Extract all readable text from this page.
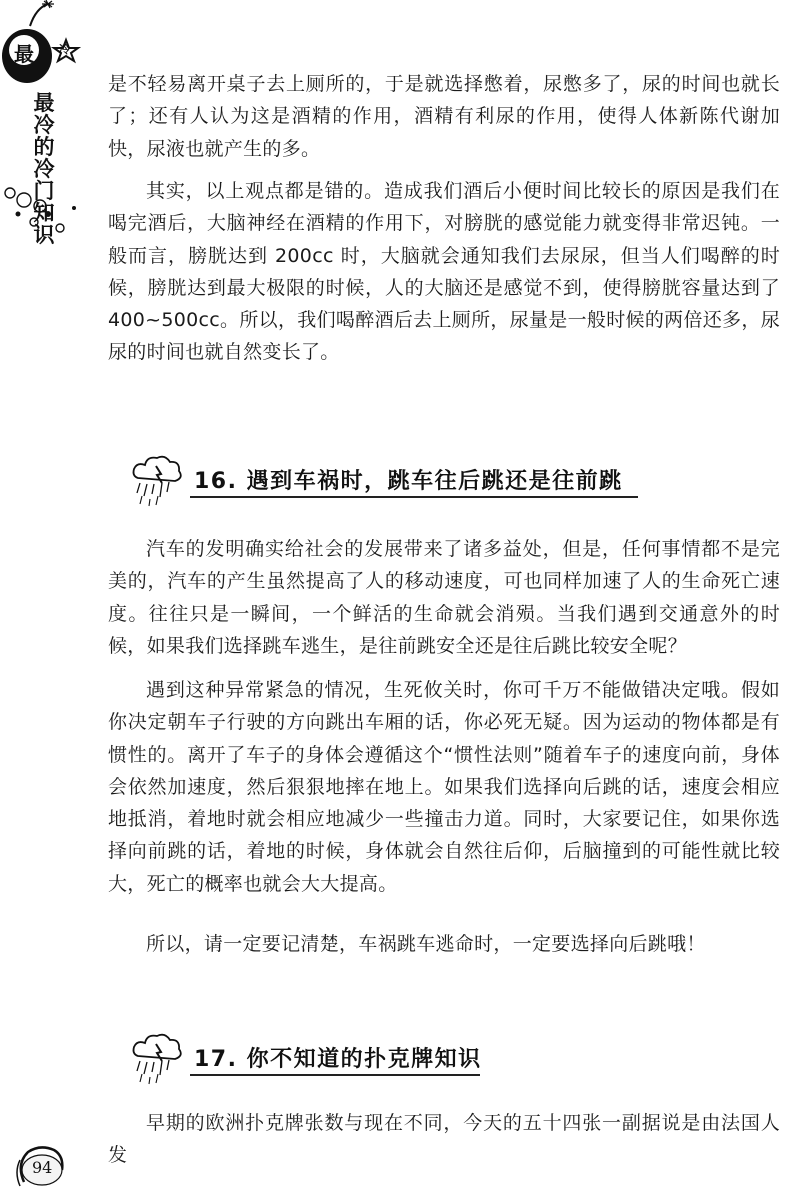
最 冷
最
冷
的
冷
门
知
识

是不轻易离开桌子去上厕所的，于是就选择憋着，尿憋多了，尿的时间也就长了；还有人认为这是酒精的作用，酒精有利尿的作用，使得人体新陈代谢加快，尿液也就产生的多。

其实，以上观点都是错的。造成我们酒后小便时间比较长的原因是我们在喝完酒后，大脑神经在酒精的作用下，对膀胱的感觉能力就变得非常迟钝。一般而言，膀胱达到 200cc 时，大脑就会通知我们去尿尿，但当人们喝醉的时候，膀胱达到最大极限的时候，人的大脑还是感觉不到，使得膀胱容量达到了 400~500cc。所以，我们喝醉酒后去上厕所，尿量是一般时候的两倍还多，尿尿的时间也就自然变长了。

16. 遇到车祸时，跳车往后跳还是往前跳

汽车的发明确实给社会的发展带来了诸多益处，但是，任何事情都不是完美的，汽车的产生虽然提高了人的移动速度，可也同样加速了人的生命死亡速度。往往只是一瞬间，一个鲜活的生命就会消殒。当我们遇到交通意外的时候，如果我们选择跳车逃生，是往前跳安全还是往后跳比较安全呢？

遇到这种异常紧急的情况，生死攸关时，你可千万不能做错决定哦。假如你决定朝车子行驶的方向跳出车厢的话，你必死无疑。因为运动的物体都是有惯性的。离开了车子的身体会遵循这个“惯性法则”随着车子的速度向前，身体会依然加速度，然后狠狠地摔在地上。如果我们选择向后跳的话，速度会相应地抵消，着地时就会相应地减少一些撞击力道。同时，大家要记住，如果你选择向前跳的话，着地的时候，身体就会自然往后仰，后脑撞到的可能性就比较大，死亡的概率也就会大大提高。

所以，请一定要记清楚，车祸跳车逃命时，一定要选择向后跳哦！

17. 你不知道的扑克牌知识

早期的欧洲扑克牌张数与现在不同，今天的五十四张一副据说是由法国人发

94
